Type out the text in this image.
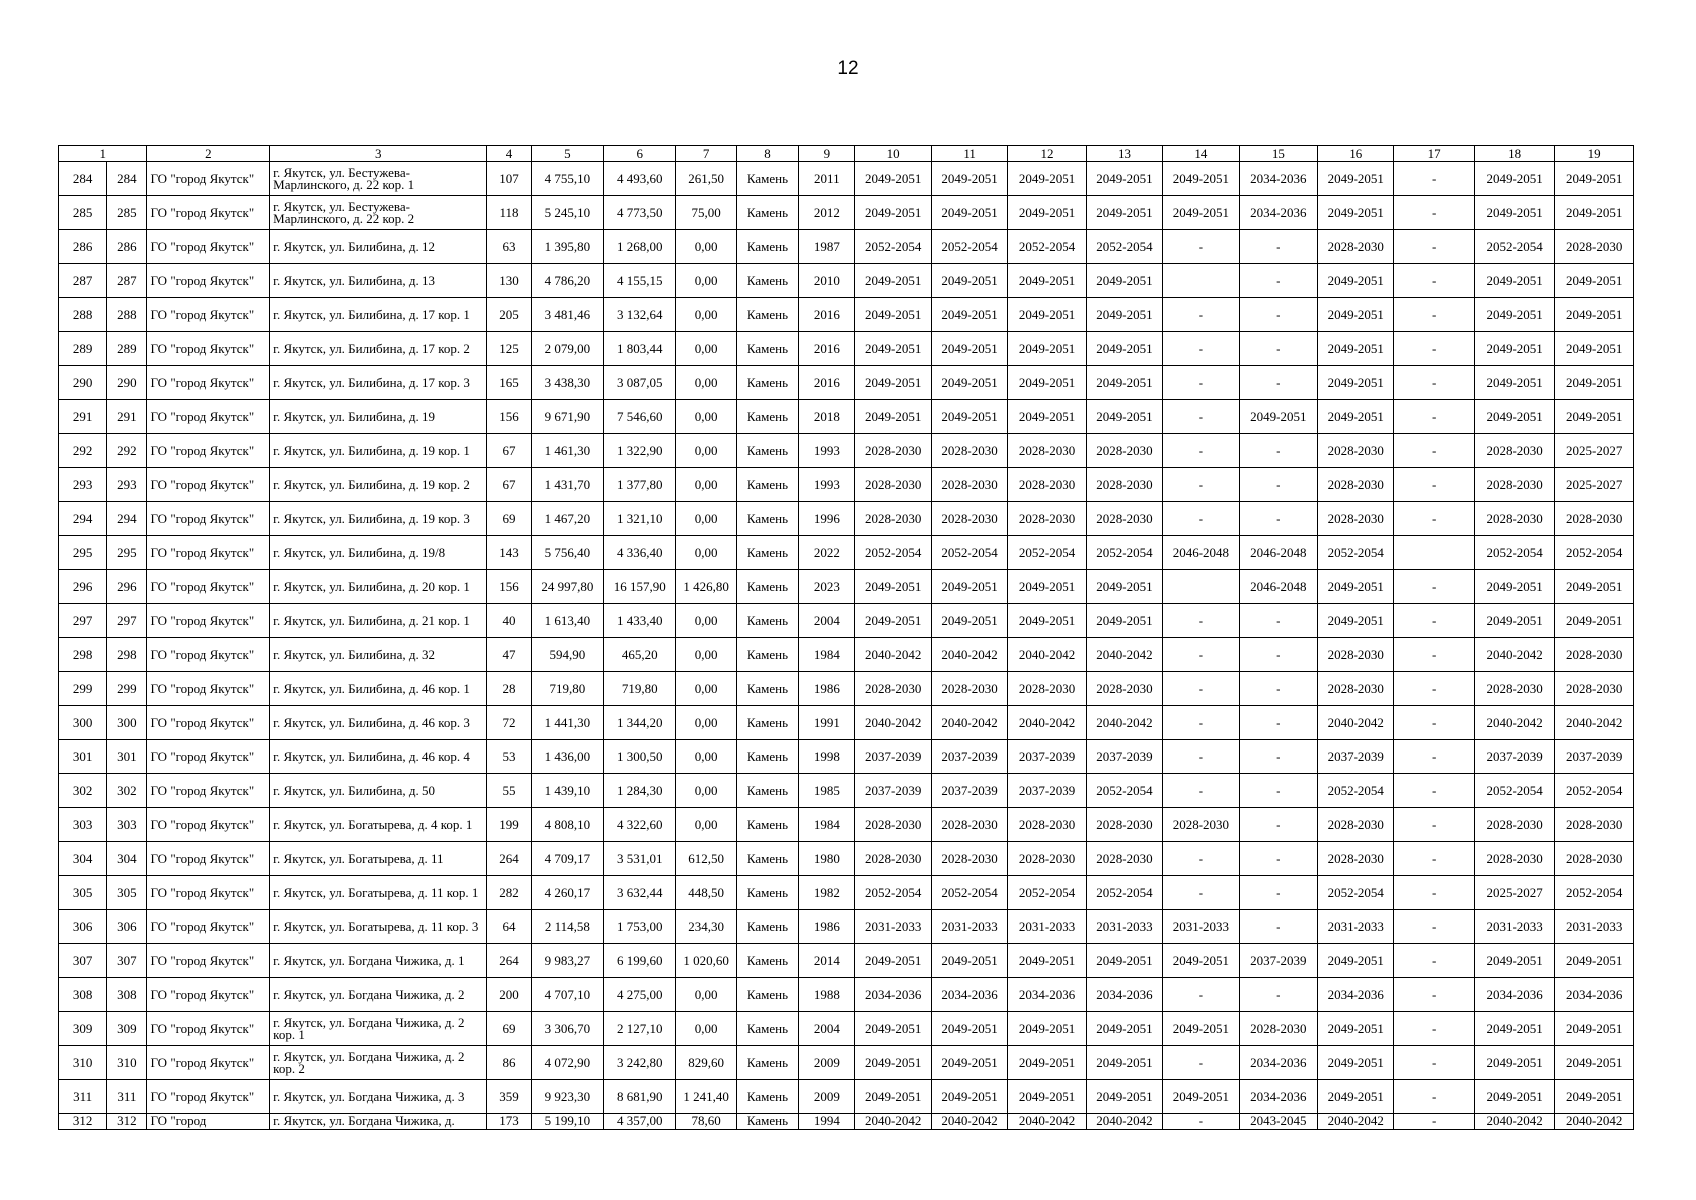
12
1		2	3	4	5	6	7	8	9	10	11	12	13	14	15	16	17	18	19
284	284	ГО "город Якутск"	г. Якутск, ул. Бестужева-Марлинского, д. 22 кор. 1	107	4 755,10	4 493,60	261,50	Камень	2011	2049-2051	2049-2051	2049-2051	2049-2051	2049-2051	2034-2036	2049-2051	-	2049-2051	2049-2051
285	285	ГО "город Якутск"	г. Якутск, ул. Бестужева-Марлинского, д. 22 кор. 2	118	5 245,10	4 773,50	75,00	Камень	2012	2049-2051	2049-2051	2049-2051	2049-2051	2049-2051	2034-2036	2049-2051	-	2049-2051	2049-2051
286	286	ГО "город Якутск"	г. Якутск, ул. Билибина, д. 12	63	1 395,80	1 268,00	0,00	Камень	1987	2052-2054	2052-2054	2052-2054	2052-2054	-	-	2028-2030	-	2052-2054	2028-2030
287	287	ГО "город Якутск"	г. Якутск, ул. Билибина, д. 13	130	4 786,20	4 155,15	0,00	Камень	2010	2049-2051	2049-2051	2049-2051	2049-2051		-	2049-2051	-	2049-2051	2049-2051
288	288	ГО "город Якутск"	г. Якутск, ул. Билибина, д. 17 кор. 1	205	3 481,46	3 132,64	0,00	Камень	2016	2049-2051	2049-2051	2049-2051	2049-2051	-	-	2049-2051	-	2049-2051	2049-2051
289	289	ГО "город Якутск"	г. Якутск, ул. Билибина, д. 17 кор. 2	125	2 079,00	1 803,44	0,00	Камень	2016	2049-2051	2049-2051	2049-2051	2049-2051	-	-	2049-2051	-	2049-2051	2049-2051
290	290	ГО "город Якутск"	г. Якутск, ул. Билибина, д. 17 кор. 3	165	3 438,30	3 087,05	0,00	Камень	2016	2049-2051	2049-2051	2049-2051	2049-2051	-	-	2049-2051	-	2049-2051	2049-2051
291	291	ГО "город Якутск"	г. Якутск, ул. Билибина, д. 19	156	9 671,90	7 546,60	0,00	Камень	2018	2049-2051	2049-2051	2049-2051	2049-2051	-	2049-2051	2049-2051	-	2049-2051	2049-2051
292	292	ГО "город Якутск"	г. Якутск, ул. Билибина, д. 19 кор. 1	67	1 461,30	1 322,90	0,00	Камень	1993	2028-2030	2028-2030	2028-2030	2028-2030	-	-	2028-2030	-	2028-2030	2025-2027
293	293	ГО "город Якутск"	г. Якутск, ул. Билибина, д. 19 кор. 2	67	1 431,70	1 377,80	0,00	Камень	1993	2028-2030	2028-2030	2028-2030	2028-2030	-	-	2028-2030	-	2028-2030	2025-2027
294	294	ГО "город Якутск"	г. Якутск, ул. Билибина, д. 19 кор. 3	69	1 467,20	1 321,10	0,00	Камень	1996	2028-2030	2028-2030	2028-2030	2028-2030	-	-	2028-2030	-	2028-2030	2028-2030
295	295	ГО "город Якутск"	г. Якутск, ул. Билибина, д. 19/8	143	5 756,40	4 336,40	0,00	Камень	2022	2052-2054	2052-2054	2052-2054	2052-2054	2046-2048	2046-2048	2052-2054		2052-2054	2052-2054
296	296	ГО "город Якутск"	г. Якутск, ул. Билибина, д. 20 кор. 1	156	24 997,80	16 157,90	1 426,80	Камень	2023	2049-2051	2049-2051	2049-2051	2049-2051		2046-2048	2049-2051	-	2049-2051	2049-2051
297	297	ГО "город Якутск"	г. Якутск, ул. Билибина, д. 21 кор. 1	40	1 613,40	1 433,40	0,00	Камень	2004	2049-2051	2049-2051	2049-2051	2049-2051	-	-	2049-2051	-	2049-2051	2049-2051
298	298	ГО "город Якутск"	г. Якутск, ул. Билибина, д. 32	47	594,90	465,20	0,00	Камень	1984	2040-2042	2040-2042	2040-2042	2040-2042	-	-	2028-2030	-	2040-2042	2028-2030
299	299	ГО "город Якутск"	г. Якутск, ул. Билибина, д. 46 кор. 1	28	719,80	719,80	0,00	Камень	1986	2028-2030	2028-2030	2028-2030	2028-2030	-	-	2028-2030	-	2028-2030	2028-2030
300	300	ГО "город Якутск"	г. Якутск, ул. Билибина, д. 46 кор. 3	72	1 441,30	1 344,20	0,00	Камень	1991	2040-2042	2040-2042	2040-2042	2040-2042	-	-	2040-2042	-	2040-2042	2040-2042
301	301	ГО "город Якутск"	г. Якутск, ул. Билибина, д. 46 кор. 4	53	1 436,00	1 300,50	0,00	Камень	1998	2037-2039	2037-2039	2037-2039	2037-2039	-	-	2037-2039	-	2037-2039	2037-2039
302	302	ГО "город Якутск"	г. Якутск, ул. Билибина, д. 50	55	1 439,10	1 284,30	0,00	Камень	1985	2037-2039	2037-2039	2037-2039	2052-2054	-	-	2052-2054	-	2052-2054	2052-2054
303	303	ГО "город Якутск"	г. Якутск, ул. Богатырева, д. 4 кор. 1	199	4 808,10	4 322,60	0,00	Камень	1984	2028-2030	2028-2030	2028-2030	2028-2030	2028-2030	-	2028-2030	-	2028-2030	2028-2030
304	304	ГО "город Якутск"	г. Якутск, ул. Богатырева, д. 11	264	4 709,17	3 531,01	612,50	Камень	1980	2028-2030	2028-2030	2028-2030	2028-2030	-	-	2028-2030	-	2028-2030	2028-2030
305	305	ГО "город Якутск"	г. Якутск, ул. Богатырева, д. 11 кор. 1	282	4 260,17	3 632,44	448,50	Камень	1982	2052-2054	2052-2054	2052-2054	2052-2054	-	-	2052-2054	-	2025-2027	2052-2054
306	306	ГО "город Якутск"	г. Якутск, ул. Богатырева, д. 11 кор. 3	64	2 114,58	1 753,00	234,30	Камень	1986	2031-2033	2031-2033	2031-2033	2031-2033	2031-2033	-	2031-2033	-	2031-2033	2031-2033
307	307	ГО "город Якутск"	г. Якутск, ул. Богдана Чижика, д. 1	264	9 983,27	6 199,60	1 020,60	Камень	2014	2049-2051	2049-2051	2049-2051	2049-2051	2049-2051	2037-2039	2049-2051	-	2049-2051	2049-2051
308	308	ГО "город Якутск"	г. Якутск, ул. Богдана Чижика, д. 2	200	4 707,10	4 275,00	0,00	Камень	1988	2034-2036	2034-2036	2034-2036	2034-2036	-	-	2034-2036	-	2034-2036	2034-2036
309	309	ГО "город Якутск"	г. Якутск, ул. Богдана Чижика, д. 2 кор. 1	69	3 306,70	2 127,10	0,00	Камень	2004	2049-2051	2049-2051	2049-2051	2049-2051	2049-2051	2028-2030	2049-2051	-	2049-2051	2049-2051
310	310	ГО "город Якутск"	г. Якутск, ул. Богдана Чижика, д. 2 кор. 2	86	4 072,90	3 242,80	829,60	Камень	2009	2049-2051	2049-2051	2049-2051	2049-2051	-	2034-2036	2049-2051	-	2049-2051	2049-2051
311	311	ГО "город Якутск"	г. Якутск, ул. Богдана Чижика, д. 3	359	9 923,30	8 681,90	1 241,40	Камень	2009	2049-2051	2049-2051	2049-2051	2049-2051	2049-2051	2034-2036	2049-2051	-	2049-2051	2049-2051
312	312	ГО "город	г. Якутск, ул. Богдана Чижика, д.	173	5 199,10	4 357,00	78,60	Камень	1994	2040-2042	2040-2042	2040-2042	2040-2042	-	2043-2045	2040-2042	-	2040-2042	2040-2042
